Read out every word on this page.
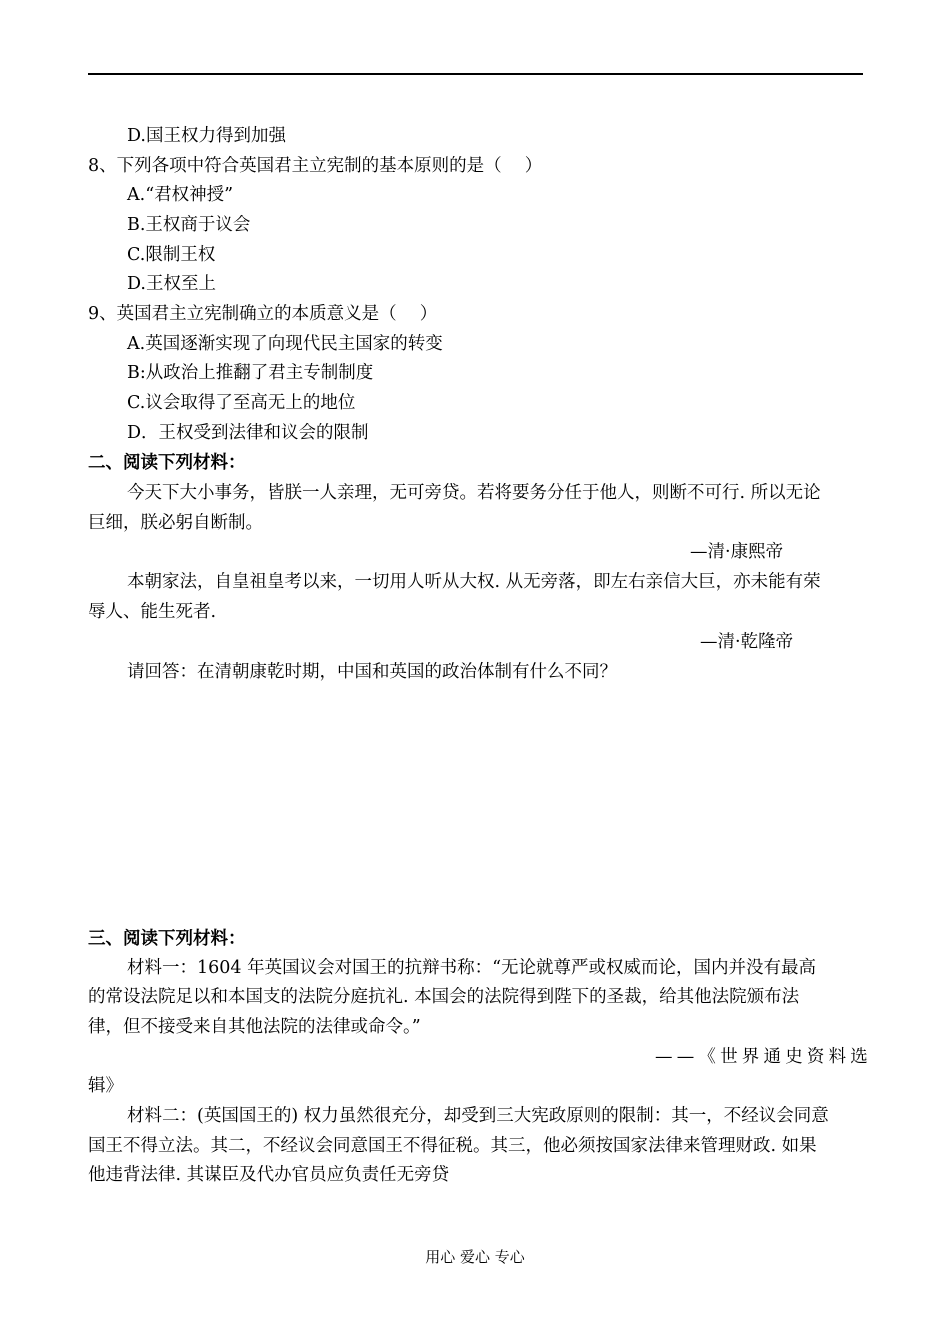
D.国王权力得到加强
8、下列各项中符合英国君主立宪制的基本原则的是（　 ）
A.“君权神授”
B.王权商于议会
C.限制王权
D.王权至上
9、英国君主立宪制确立的本质意义是（　 ）
A.英国逐渐实现了向现代民主国家的转变
B:从政治上推翻了君主专制制度
C.议会取得了至高无上的地位
D．王权受到法律和议会的限制
二、阅读下列材料：
今天下大小事务，皆朕一人亲理，无可旁贷。若将要务分任于他人，则断不可行. 所以无论
巨细，朕必躬自断制。
—清·康熙帝
本朝家法，自皇祖皇考以来，一切用人听从大权. 从无旁落，即左右亲信大巨，亦未能有荣
辱人、能生死者.
—清·乾隆帝
请回答：在清朝康乾时期，中国和英国的政治体制有什么不同？
三、阅读下列材料：
材料一：1604 年英国议会对国王的抗辩书称：“无论就尊严或权威而论，国内并没有最高
的常设法院足以和本国支的法院分庭抗礼. 本国会的法院得到陛下的圣裁，给其他法院颁布法
律，但不接受来自其他法院的法律或命令。”
——《世界通史资料选
辑》
材料二：(英国国王的) 权力虽然很充分，却受到三大宪政原则的限制：其一，不经议会同意
国王不得立法。其二，不经议会同意国王不得征税。其三，他必须按国家法律来管理财政. 如果
他违背法律. 其谋臣及代办官员应负责任无旁贷
用心 爱心 专心
